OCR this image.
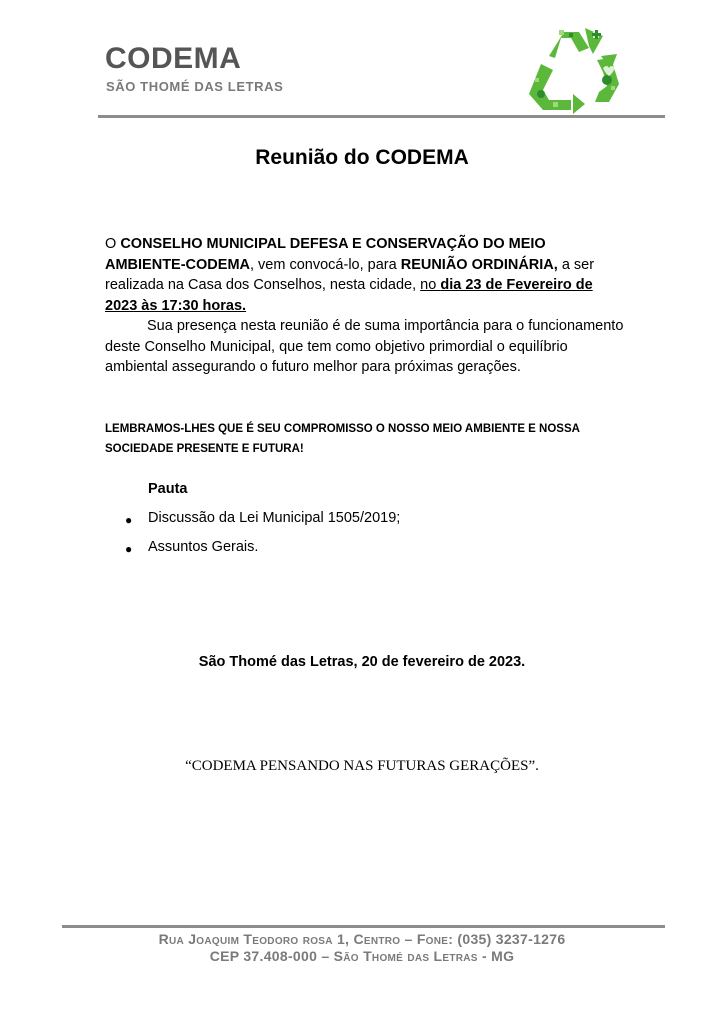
CODEMA
SÃO THOMÉ DAS LETRAS
Reunião do CODEMA

O CONSELHO MUNICIPAL DEFESA E CONSERVAÇÃO DO MEIO AMBIENTE-CODEMA, vem convocá-lo, para REUNIÃO ORDINÁRIA, a ser realizada na Casa dos Conselhos, nesta cidade, no dia 23 de Fevereiro de 2023 às 17:30 horas.

Sua presença nesta reunião é de suma importância para o funcionamento deste Conselho Municipal, que tem como objetivo primordial o equilíbrio ambiental assegurando o futuro melhor para próximas gerações.

LEMBRAMOS-LHES QUE É SEU COMPROMISSO O NOSSO MEIO AMBIENTE E NOSSA SOCIEDADE PRESENTE E FUTURA!
Pauta
● Discussão da Lei Municipal 1505/2019;
● Assuntos Gerais.
São Thomé das Letras, 20 de fevereiro de 2023.
“CODEMA PENSANDO NAS FUTURAS GERAÇÕES”.
Rua Joaquim Teodoro rosa 1, Centro – Fone: (035) 3237-1276
CEP 37.408-000 – São Thomé das Letras - MG
